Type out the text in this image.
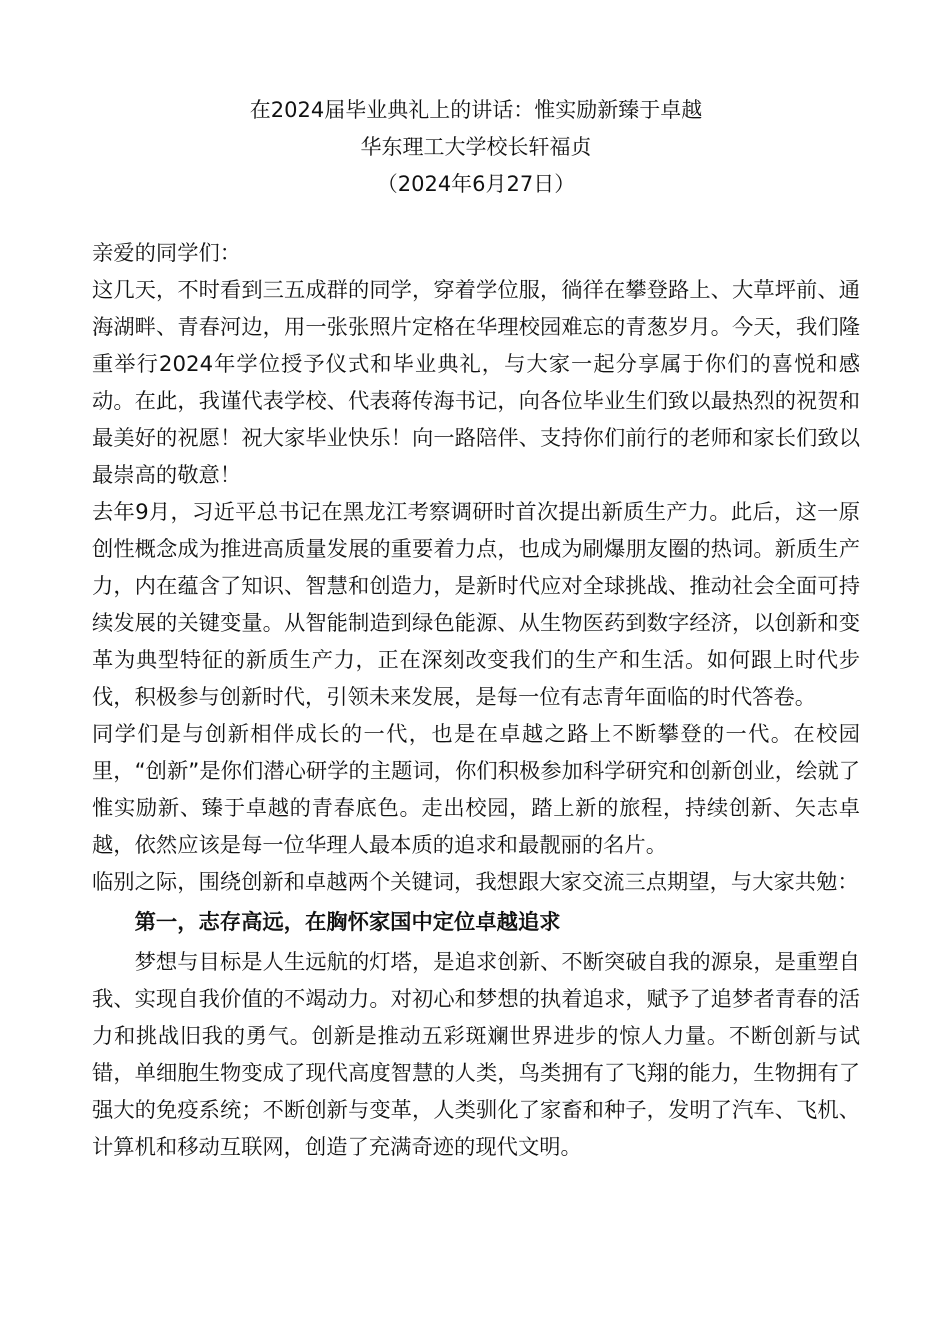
在2024届毕业典礼上的讲话：惟实励新臻于卓越
华东理工大学校长轩福贞
（2024年6月27日）

亲爱的同学们：

这几天，不时看到三五成群的同学，穿着学位服，徜徉在攀登路上、大草坪前、通海湖畔、青春河边，用一张张照片定格在华理校园难忘的青葱岁月。今天，我们隆重举行2024年学位授予仪式和毕业典礼，与大家一起分享属于你们的喜悦和感动。在此，我谨代表学校、代表蒋传海书记，向各位毕业生们致以最热烈的祝贺和最美好的祝愿！祝大家毕业快乐！向一路陪伴、支持你们前行的老师和家长们致以最崇高的敬意！

去年9月，习近平总书记在黑龙江考察调研时首次提出新质生产力。此后，这一原创性概念成为推进高质量发展的重要着力点，也成为刷爆朋友圈的热词。新质生产力，内在蕴含了知识、智慧和创造力，是新时代应对全球挑战、推动社会全面可持续发展的关键变量。从智能制造到绿色能源、从生物医药到数字经济，以创新和变革为典型特征的新质生产力，正在深刻改变我们的生产和生活。如何跟上时代步伐，积极参与创新时代，引领未来发展，是每一位有志青年面临的时代答卷。

同学们是与创新相伴成长的一代，也是在卓越之路上不断攀登的一代。在校园里，“创新”是你们潜心研学的主题词，你们积极参加科学研究和创新创业，绘就了惟实励新、臻于卓越的青春底色。走出校园，踏上新的旅程，持续创新、矢志卓越，依然应该是每一位华理人最本质的追求和最靓丽的名片。

临别之际，围绕创新和卓越两个关键词，我想跟大家交流三点期望，与大家共勉：

第一，志存高远，在胸怀家国中定位卓越追求

梦想与目标是人生远航的灯塔，是追求创新、不断突破自我的源泉，是重塑自我、实现自我价值的不竭动力。对初心和梦想的执着追求，赋予了追梦者青春的活力和挑战旧我的勇气。创新是推动五彩斑斓世界进步的惊人力量。不断创新与试错，单细胞生物变成了现代高度智慧的人类，鸟类拥有了飞翔的能力，生物拥有了强大的免疫系统；不断创新与变革，人类驯化了家畜和种子，发明了汽车、飞机、计算机和移动互联网，创造了充满奇迹的现代文明。
